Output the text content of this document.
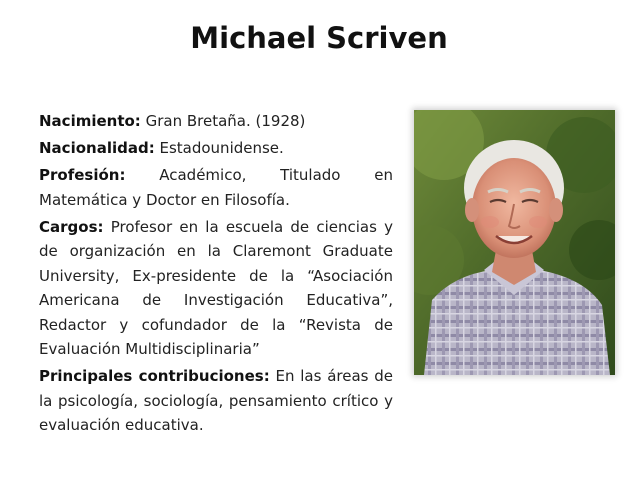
Michael Scriven

Nacimiento: Gran Bretaña. (1928)

Nacionalidad: Estadounidense.

Profesión: Académico, Titulado en Matemática y Doctor en Filosofía.

Cargos: Profesor en la escuela de ciencias y de organización en la Claremont Graduate University, Ex-presidente de la “Asociación Americana de Investigación Educativa”, Redactor y cofundador de la “Revista de Evaluación Multidisciplinaria”

Principales contribuciones: En las áreas de la psicología, sociología, pensamiento crítico y evaluación educativa.
